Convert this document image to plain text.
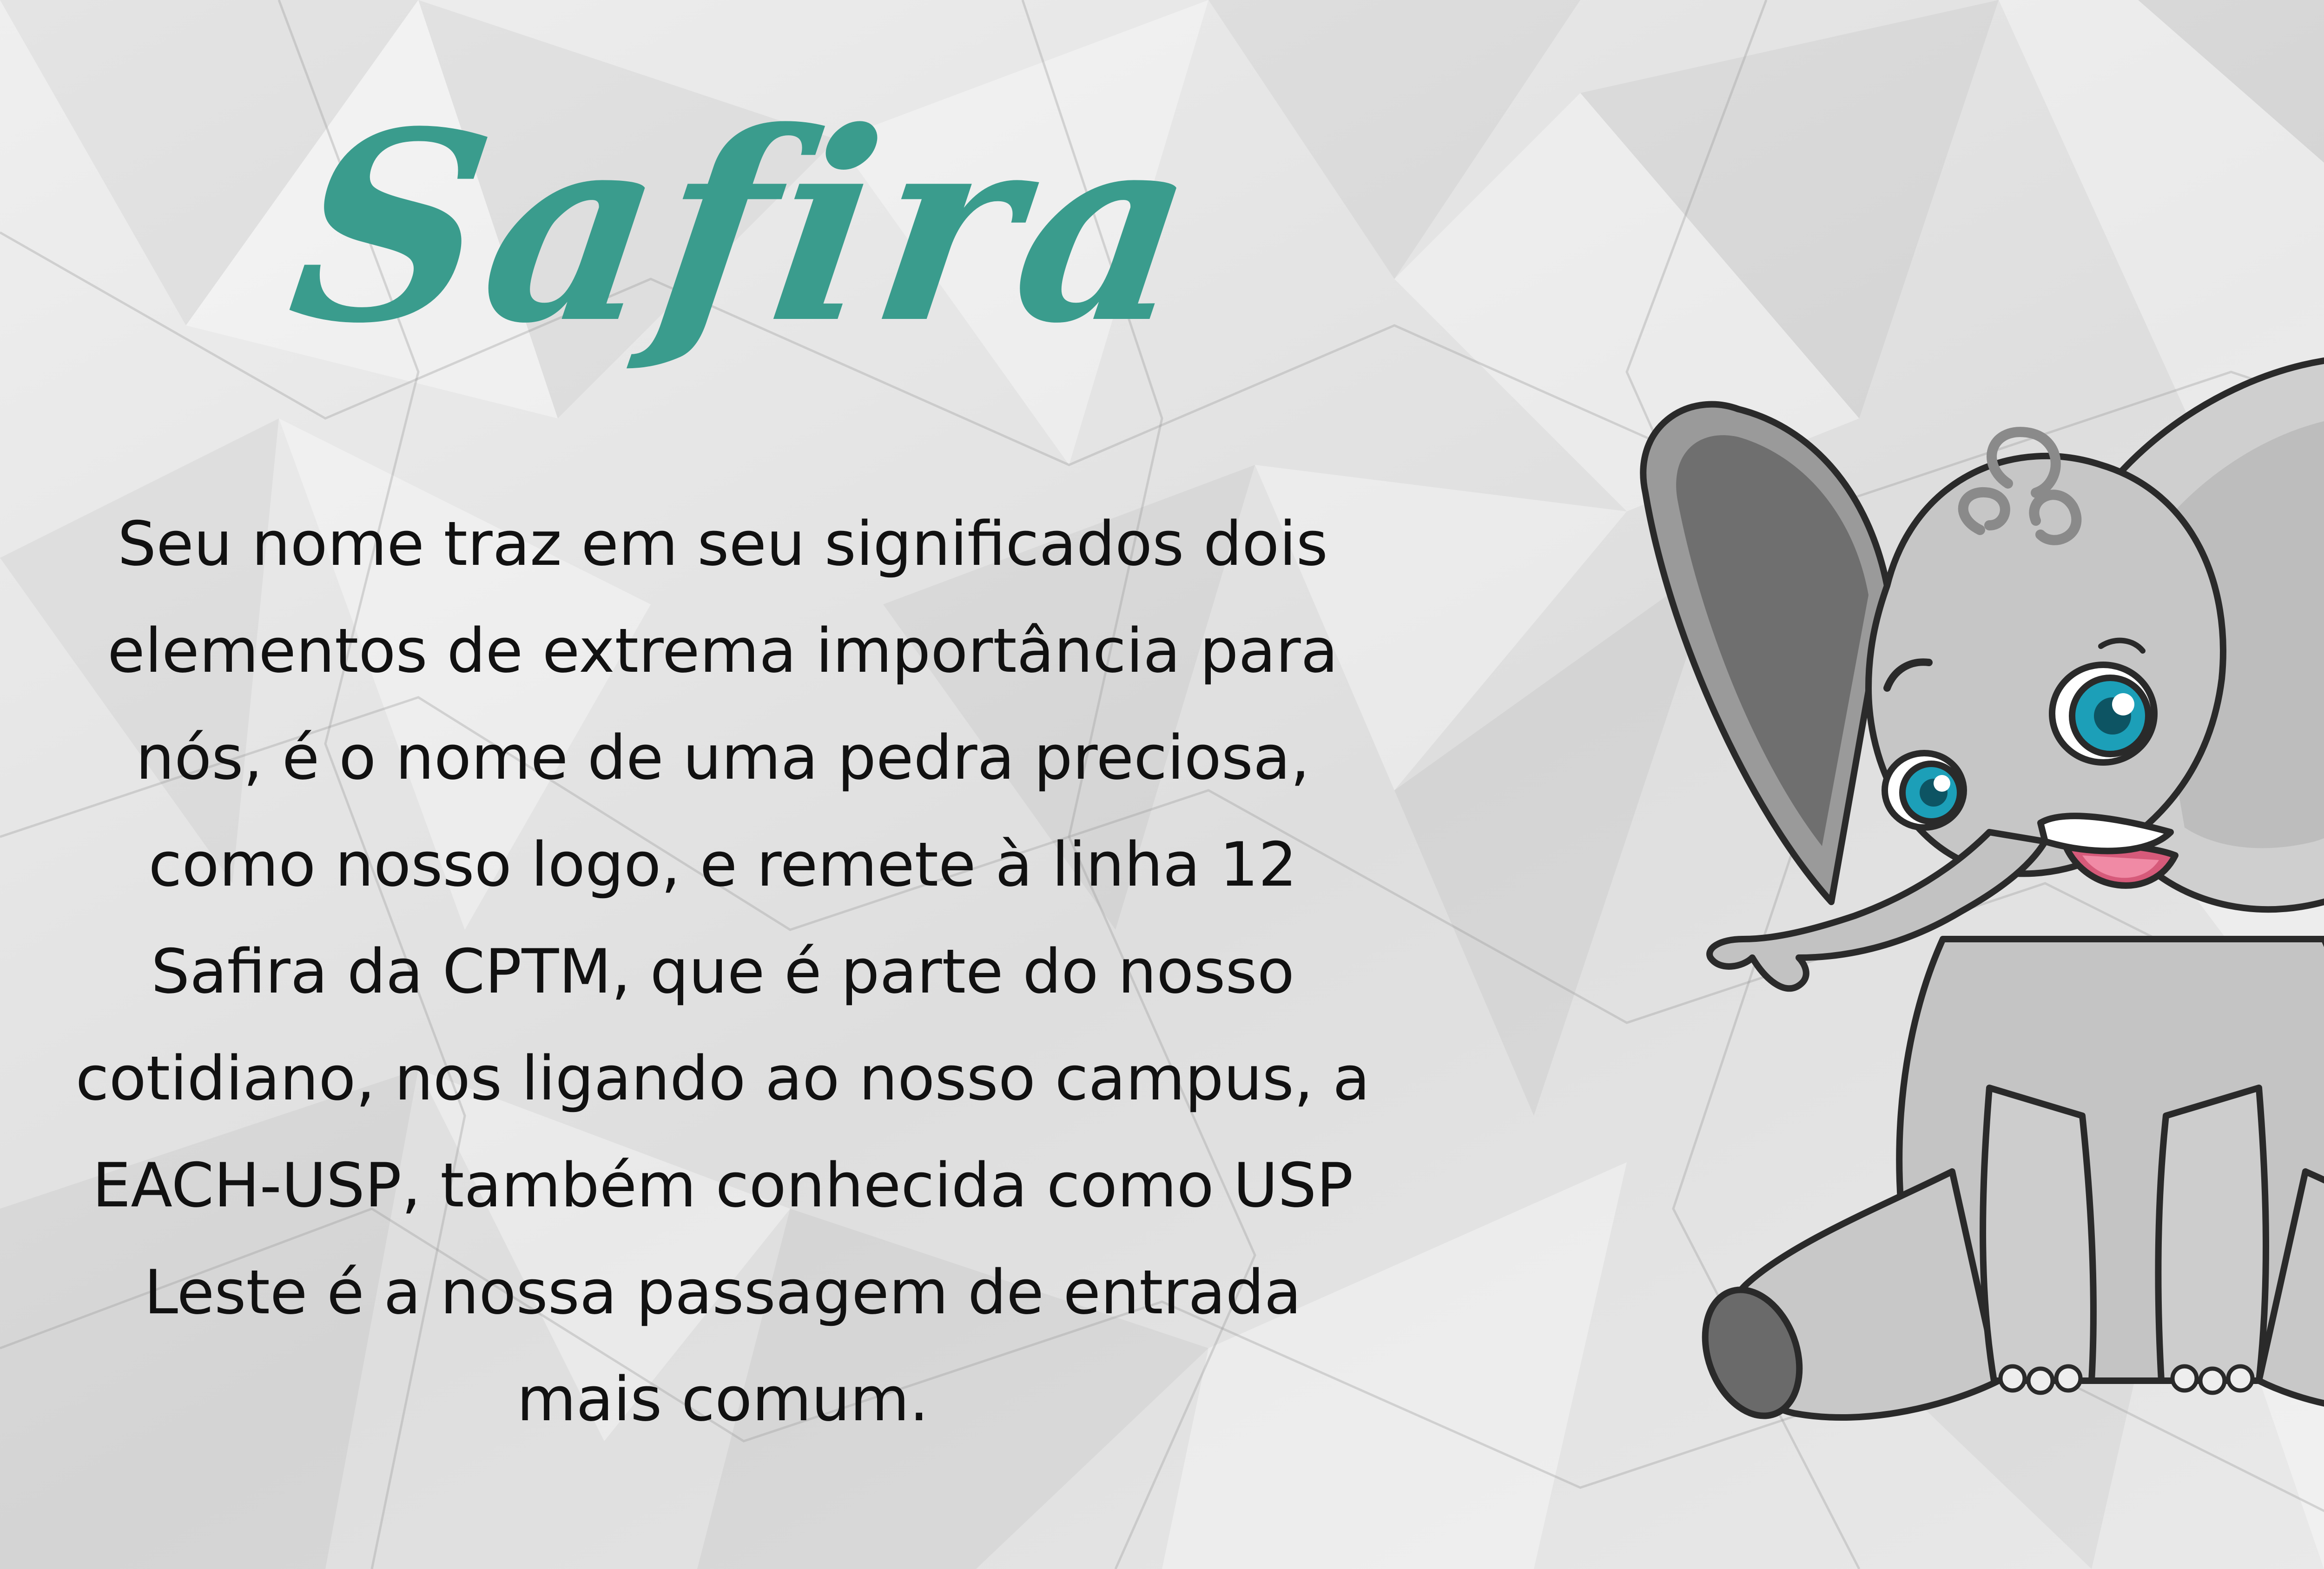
Safira

Seu nome traz em seu significados dois elementos de extrema importância para nós, é o nome de uma pedra preciosa, como nosso logo, e remete à linha 12 Safira da CPTM, que é parte do nosso cotidiano, nos ligando ao nosso campus, a EACH-USP, também conhecida como USP Leste é a nossa passagem de entrada mais comum.
